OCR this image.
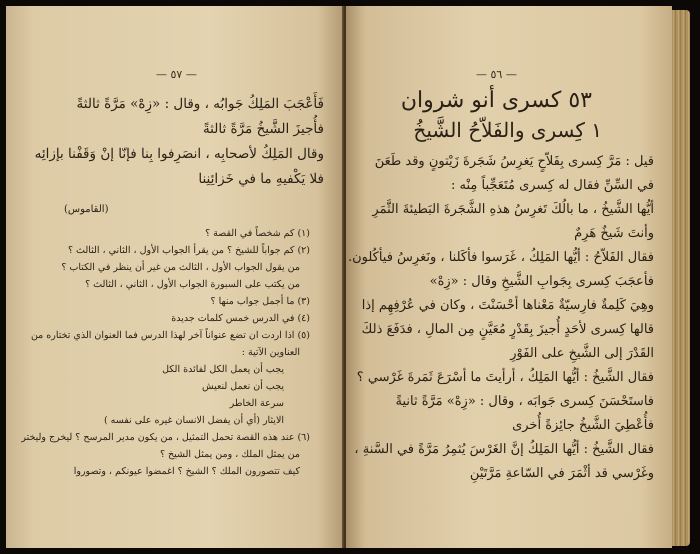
— ٥٧ —
فَأَعْجَبَ المَلِكُ جَوابُه ، وقال : «زِهْ» مَرَّةً ثالثةً
فأُجيزَ الشَّيخُ مَرَّةً ثالثةً
وقال المَلِكُ لأصحابِه ، انصَرِفوا بِنا فإنّا إنْ وَقَفْنا بإزائِه
فلا يَكْفيهِ ما في خَزائِنِنا
(القاموس)
(١) كم شخصاً في القصة ؟
(٢) كم جواباً للشيخ ؟ من يقرأ الجواب الأول ، الثاني ، الثالث ؟
من يقول الجواب الأول ، الثالث من غير أن ينظر في الكتاب ؟
من يكتب على السبورة الجواب الأول ، الثاني ، الثالث ؟
(٣) ما أجمل جواب منها ؟
(٤) في الدرس خمس كلمات جديدة
(٥) اذا اردت ان تضع عنواناً آخر لهذا الدرس فما العنوان الذي تختاره من
العناوين الآتية :
يجب أن يعمل الكل لفائدة الكل
يجب أن نعمل لنعيش
سرعة الخاطر
الايثار (أي أن يفضل الانسان غيره على نفسه )
(٦) عند هذه القصة تحمل التمثيل ، من يكون مدير المرسح ؟ ليخرج وليختر
من يمثل الملك ، ومن يمثل الشيخ ؟
كيف تتصورون الملك ؟ الشيخ ؟ اغمضوا عيونكم ، وتصوروا
— ٥٦ —
٥٣ كسرى أنو شروان
١ كِسرى والفَلاّحُ الشَّيخُ
قيل : مَرَّ كِسرى بِفَلاّحٍ يَغرِسُ شَجَرةَ زَيْتونٍ وقد طَعَنَ
في السِّنِّ فقال له كِسرى مُتَعَجِّباً مِنْه :
أيُّها الشَّيخُ ، ما بالُكَ تَغرِسُ هذهِ الشَّجَرةَ البَطيئةَ الثَّمَرِ
وأنتَ شَيخٌ هَرِمٌ
فقال الفَلاّحُ : أيُّها المَلِكُ ، غَرَسوا فأكَلنا ، ونَغرِسُ فيأكُلون.
فأعجَبَ كِسرى بِجَوابِ الشَّيخِ وقال : «زِهْ»
وهِيَ كَلِمةٌ فارِسيّةٌ مَعْناها أحْسَنْتَ ، وكان في عُرْفِهِم إذا
قالها كِسرى لأحَدٍ أُجيزَ بِقَدْرٍ مُعَيَّنٍ مِن المالِ ، فدَفَعَ ذلكَ
القَدْرَ إلى الشَّيخِ على الفَوْرِ
فقال الشَّيخُ : أيُّها المَلِكُ ، أرأيتَ ما أسْرَعَ ثَمَرةَ غَرْسي ؟
فاستَحْسَنَ كِسرى جَوابَه ، وقال : «زِهْ» مَرَّةً ثانيةً
فأُعْطِيَ الشَّيخُ جائِزةً أُخرى
فقال الشَّيخُ : أيُّها المَلِكُ إنَّ الغَرْسَ يُثمِرُ مَرَّةً في السَّنةِ ،
وغَرْسي قد أثْمَرَ في السّاعةِ مَرَّتَيْنِ
